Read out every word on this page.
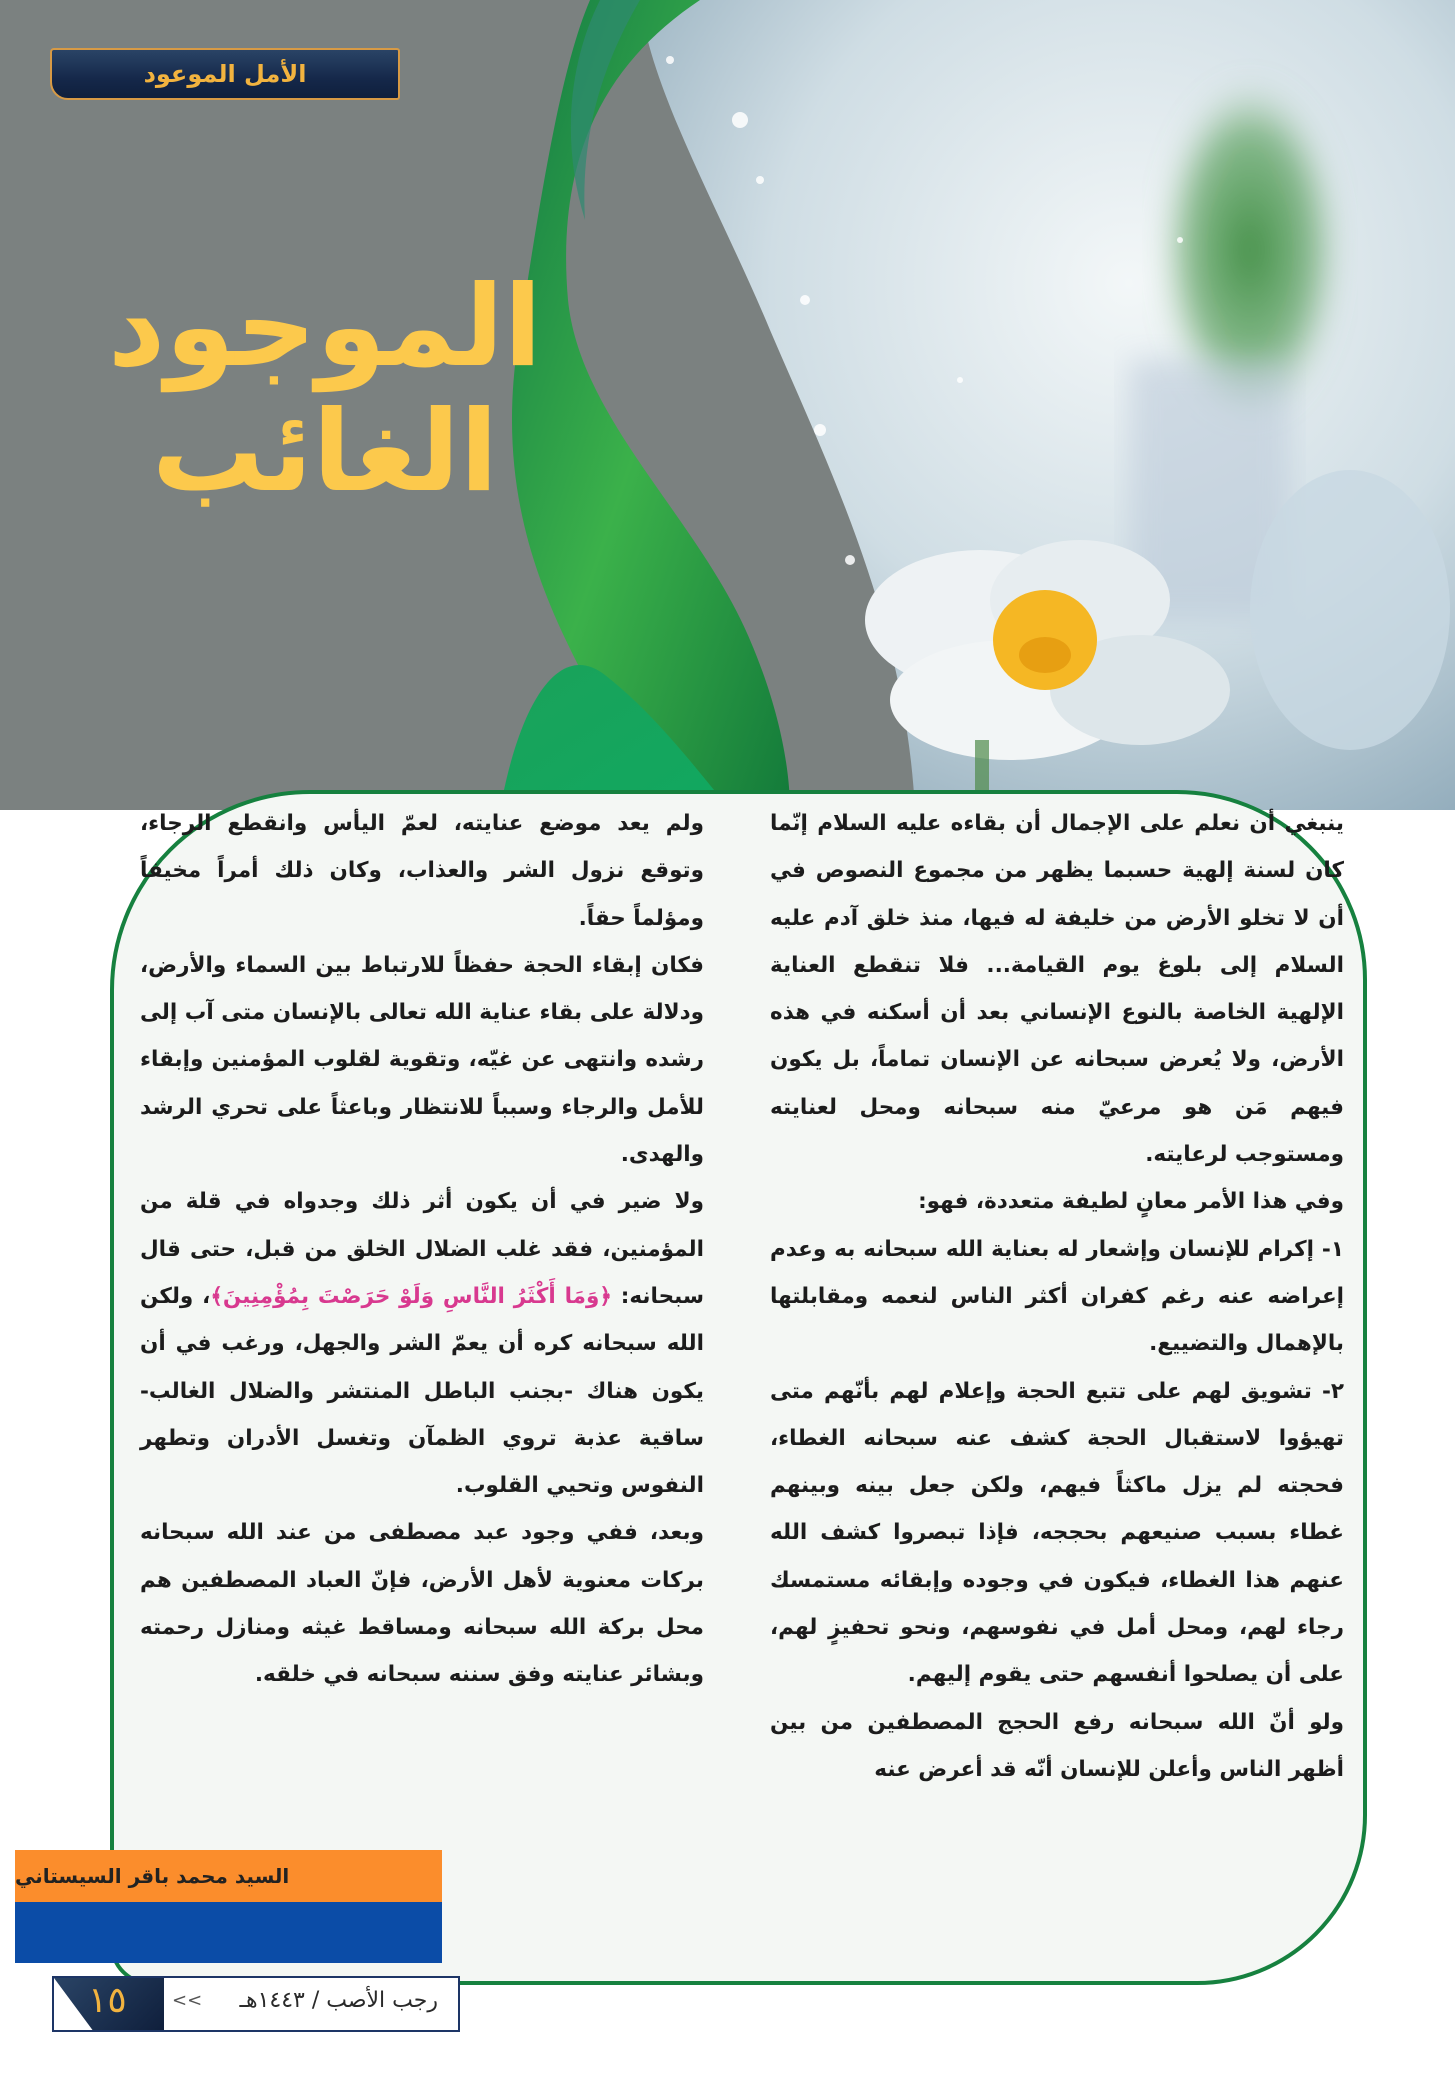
الأمل الموعود
الموجود
الغائب

ينبغي أن نعلم على الإجمال أن بقاءه عليه السلام إنّما كان لسنة إلهية حسبما يظهر من مجموع النصوص في أن لا تخلو الأرض من خليفة له فيها، منذ خلق آدم عليه السلام إلى بلوغ يوم القيامة... فلا تنقطع العناية الإلهية الخاصة بالنوع الإنساني بعد أن أسكنه في هذه الأرض، ولا يُعرض سبحانه عن الإنسان تماماً، بل يكون فيهم مَن هو مرعيّ منه سبحانه ومحل لعنايته ومستوجب لرعايته.

وفي هذا الأمر معانٍ لطيفة متعددة، فهو:

١- إكرام للإنسان وإشعار له بعناية الله سبحانه به وعدم إعراضه عنه رغم كفران أكثر الناس لنعمه ومقابلتها بالإهمال والتضييع.

٢- تشويق لهم على تتبع الحجة وإعلام لهم بأنّهم متى تهيؤوا لاستقبال الحجة كشف عنه سبحانه الغطاء، فحجته لم يزل ماكثاً فيهم، ولكن جعل بينه وبينهم غطاء بسبب صنيعهم بحججه، فإذا تبصروا كشف الله عنهم هذا الغطاء، فيكون في وجوده وإبقائه مستمسك رجاء لهم، ومحل أمل في نفوسهم، ونحو تحفيزٍ لهم، على أن يصلحوا أنفسهم حتى يقوم إليهم.

ولو أنّ الله سبحانه رفع الحجج المصطفين من بين أظهر الناس وأعلن للإنسان أنّه قد أعرض عنه

ولم يعد موضع عنايته، لعمّ اليأس وانقطع الرجاء، وتوقع نزول الشر والعذاب، وكان ذلك أمراً مخيفاً ومؤلماً حقاً.

فكان إبقاء الحجة حفظاً للارتباط بين السماء والأرض، ودلالة على بقاء عناية الله تعالى بالإنسان متى آب إلى رشده وانتهى عن غيّه، وتقوية لقلوب المؤمنين وإبقاء للأمل والرجاء وسبباً للانتظار وباعثاً على تحري الرشد والهدى.

ولا ضير في أن يكون أثر ذلك وجدواه في قلة من المؤمنين، فقد غلب الضلال الخلق من قبل، حتى قال سبحانه: ﴿وَمَا أَكْثَرُ النَّاسِ وَلَوْ حَرَصْتَ بِمُؤْمِنِينَ﴾، ولكن الله سبحانه كره أن يعمّ الشر والجهل، ورغب في أن يكون هناك -بجنب الباطل المنتشر والضلال الغالب- ساقية عذبة تروي الظمآن وتغسل الأدران وتطهر النفوس وتحيي القلوب.

وبعد، ففي وجود عبد مصطفى من عند الله سبحانه بركات معنوية لأهل الأرض، فإنّ العباد المصطفين هم محل بركة الله سبحانه ومساقط غيثه ومنازل رحمته وبشائر عنايته وفق سننه سبحانه في خلقه.

السيد محمد باقر السيستاني
١٥	<< رجب الأصب / ١٤٤٣هـ
